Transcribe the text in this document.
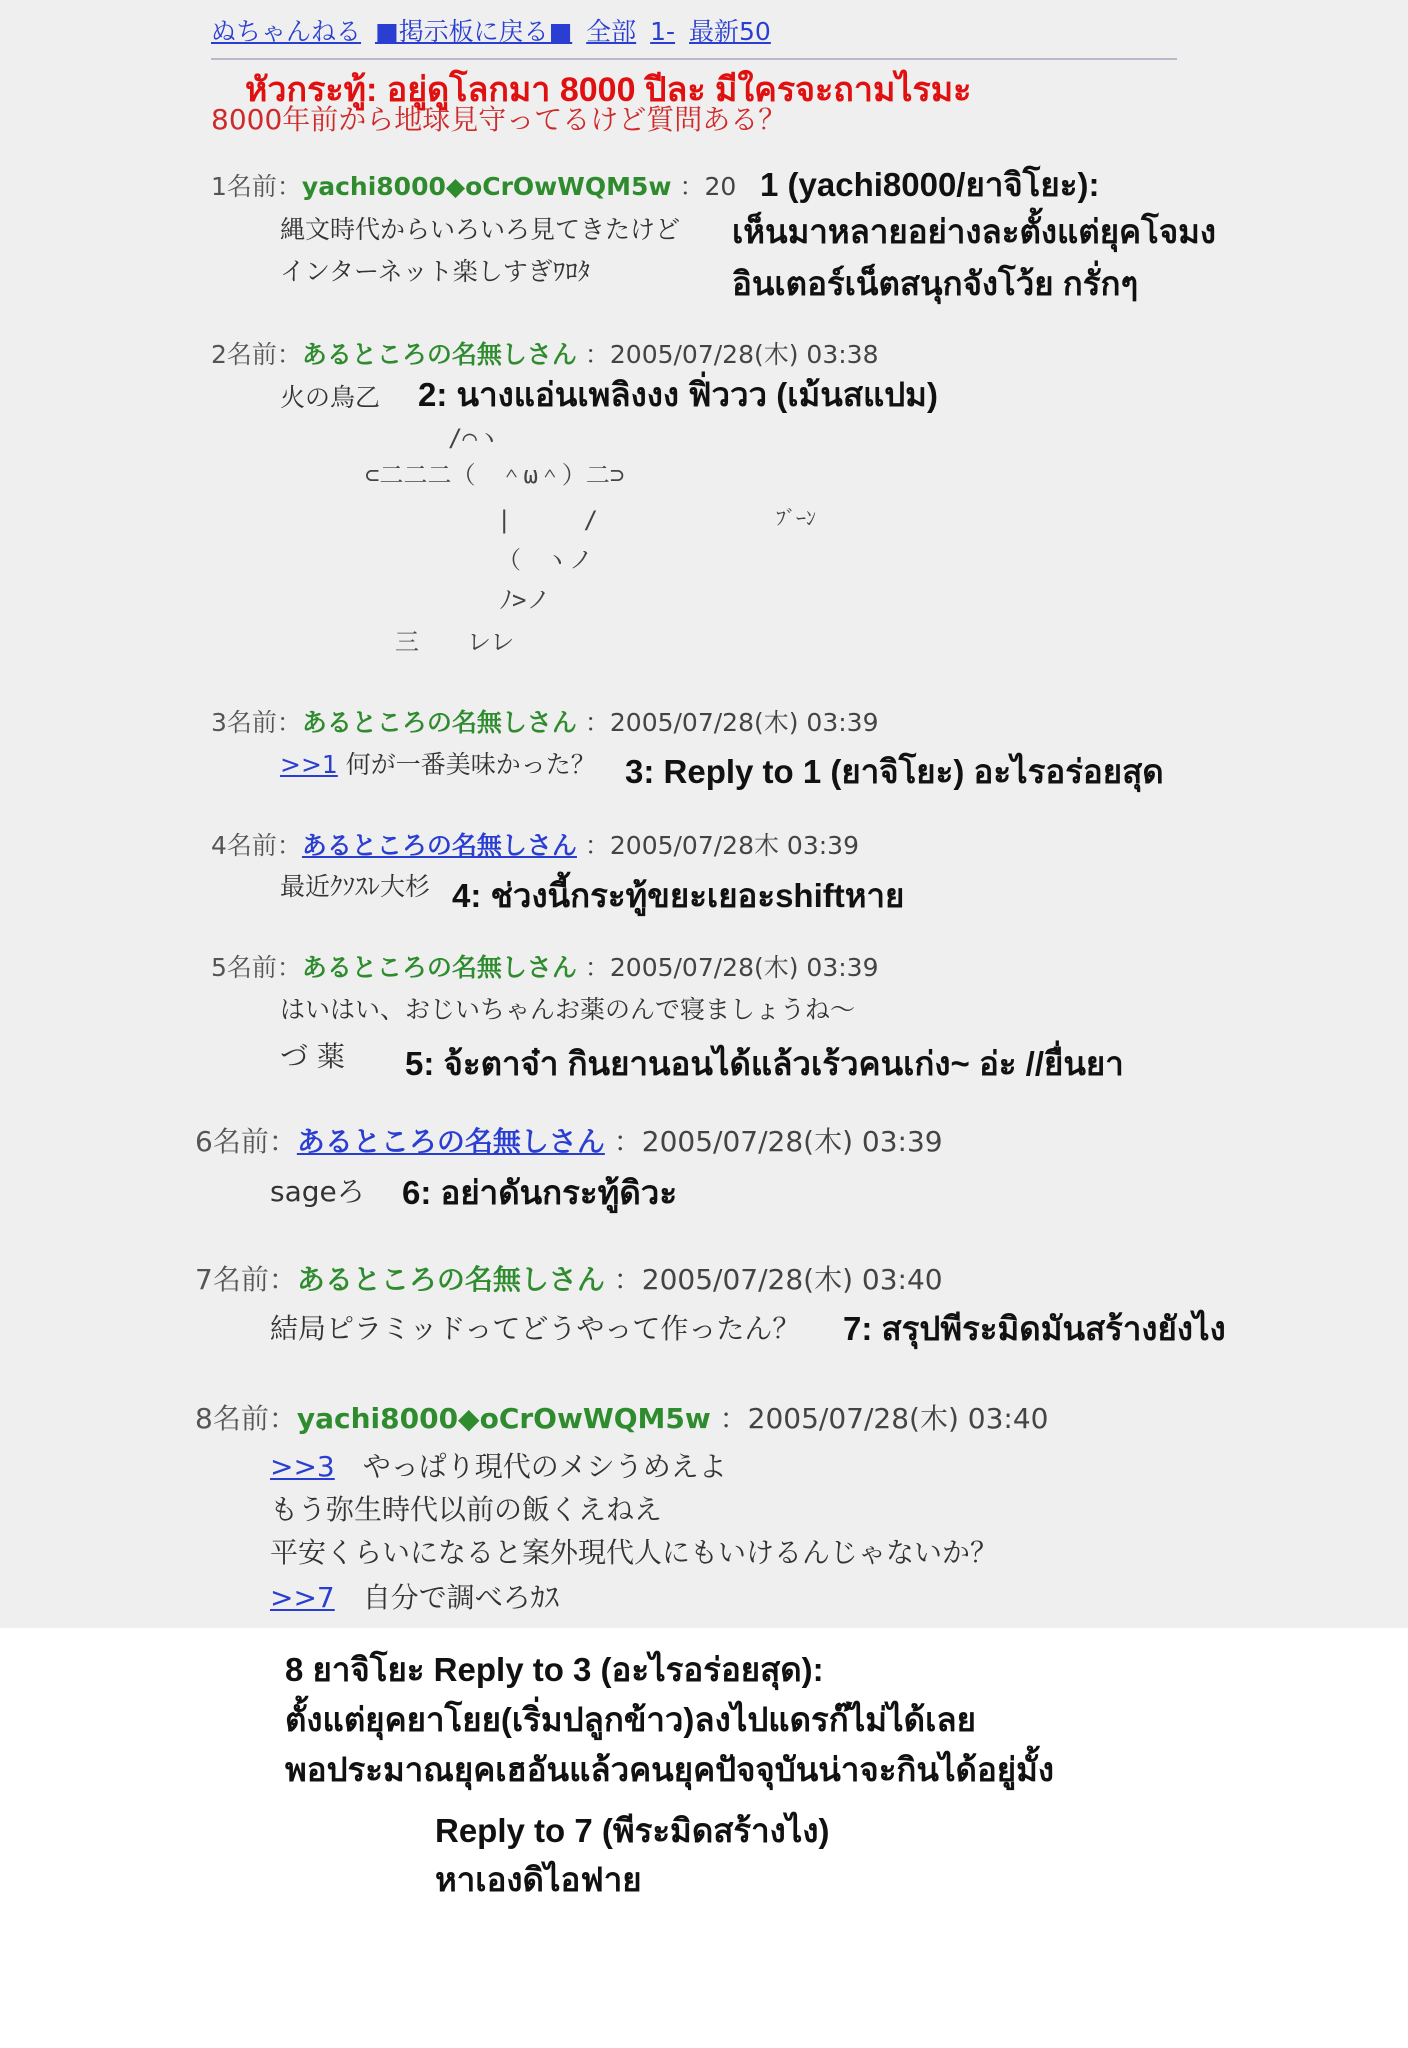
ぬちゃんねる ■掲示板に戻る■ 全部 1- 最新50
8000年前から地球見守ってるけど質問ある？
หัวกระทู้: อยู่ดูโลกมา 8000 ปีละ มีใครจะถามไรมะ
1名前：yachi8000◆oCrOwWQM5w ：20
縄文時代からいろいろ見てきたけど
インターネット楽しすぎﾜﾛﾀ
1 (yachi8000/ยาจิโยะ):
เห็นมาหลายอย่างละตั้งแต่ยุคโจมง
อินเตอร์เน็ตสนุกจังโว้ย กรั่กๆ
2名前：あるところの名無しさん ：2005/07/28(木) 03:38
火の鳥乙 2: นางแอ่นเพลิงงง ฟิ่ววว (เม้นสแปม)
/⌒ヽ
⊂二二二（　＾ω＾）二⊃
|　　　/	ﾌﾞｰﾝ
（　ヽノ
ﾉ>ノ
三　　レレ
3名前：あるところの名無しさん ：2005/07/28(木) 03:39
>>1 何が一番美味かった？ 3: Reply to 1 (ยาจิโยะ) อะไรอร่อยสุด
4名前：あるところの名無しさん ：2005/07/28木 03:39
最近ｸｿｽﾚ大杉 4: ช่วงนี้กระทู้ขยะเยอะshiftหาย
5名前：あるところの名無しさん ：2005/07/28(木) 03:39
はいはい、おじいちゃんお薬のんで寝ましょうね～
づ 薬 5: จ้ะตาจ๋า กินยานอนได้แล้วเร้วคนเก่ง~ อ่ะ //ยื่นยา
6名前：あるところの名無しさん ：2005/07/28(木) 03:39
sageろ 6: อย่าดันกระทู้ดิวะ
7名前：あるところの名無しさん ：2005/07/28(木) 03:40
結局ピラミッドってどうやって作ったん？ 7: สรุปพีระมิดมันสร้างยังไง
8名前：yachi8000◆oCrOwWQM5w ：2005/07/28(木) 03:40
>>3　 やっぱり現代のメシうめえよ
もう弥生時代以前の飯くえねえ
平安くらいになると案外現代人にもいけるんじゃないか？
>>7　 自分で調べろｶｽ
8 ยาจิโยะ Reply to 3 (อะไรอร่อยสุด):
ตั้งแต่ยุคยาโยย(เริ่มปลูกข้าว)ลงไปแดรก๊ไม่ได้เลย
พอประมาณยุคเฮอันแล้วคนยุคปัจจุบันน่าจะกินได้อยู่มั้ง
Reply to 7 (พีระมิดสร้างไง)
หาเองดิไอฟาย
